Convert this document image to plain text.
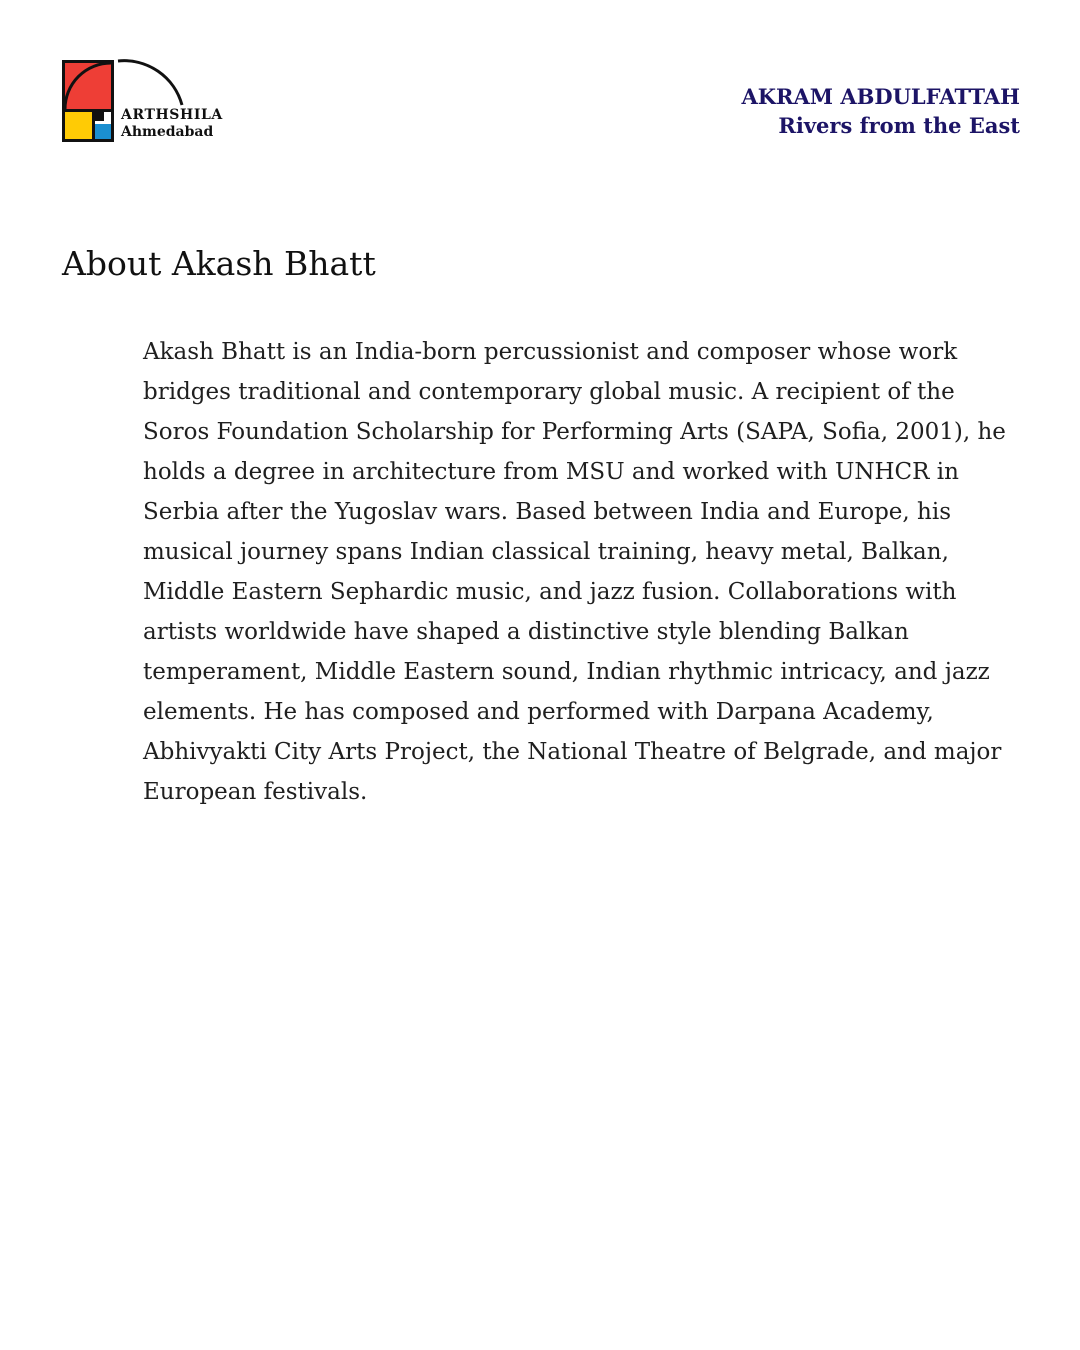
ARTHSHILA
Ahmedabad
AKRAM ABDULFATTAH
Rivers from the East
About Akash Bhatt

Akash Bhatt is an India-born percussionist and composer whose work bridges traditional and contemporary global music. A recipient of the Soros Foundation Scholarship for Performing Arts (SAPA, Sofia, 2001), he holds a degree in architecture from MSU and worked with UNHCR in Serbia after the Yugoslav wars. Based between India and Europe, his musical journey spans Indian classical training, heavy metal, Balkan, Middle Eastern Sephardic music, and jazz fusion. Collaborations with artists worldwide have shaped a distinctive style blending Balkan temperament, Middle Eastern sound, Indian rhythmic intricacy, and jazz elements. He has composed and performed with Darpana Academy, Abhivyakti City Arts Project, the National Theatre of Belgrade, and major European festivals.
